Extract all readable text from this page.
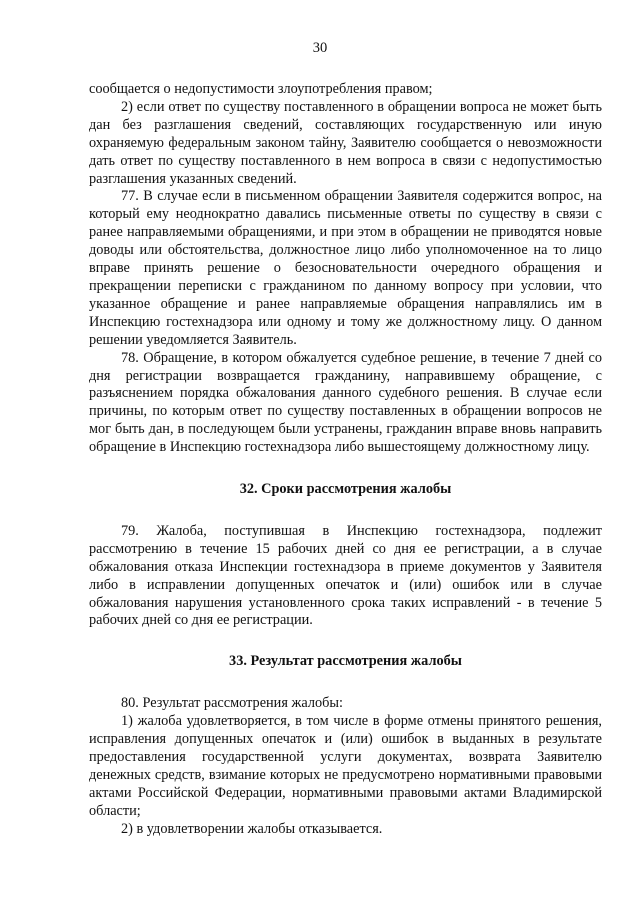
30

сообщается о недопустимости злоупотребления правом;

2) если ответ по существу поставленного в обращении вопроса не может быть дан без разглашения сведений, составляющих государственную или иную охраняемую федеральным законом тайну, Заявителю сообщается о невозможности дать ответ по существу поставленного в нем вопроса в связи с недопустимостью разглашения указанных сведений.

77. В случае если в письменном обращении Заявителя содержится вопрос, на который ему неоднократно давались письменные ответы по существу в связи с ранее направляемыми обращениями, и при этом в обращении не приводятся новые доводы или обстоятельства, должностное лицо либо уполномоченное на то лицо вправе принять решение о безосновательности очередного обращения и прекращении переписки с гражданином по данному вопросу при условии, что указанное обращение и ранее направляемые обращения направлялись им в Инспекцию гостехнадзора или одному и тому же должностному лицу. О данном решении уведомляется Заявитель.

78. Обращение, в котором обжалуется судебное решение, в течение 7 дней со дня регистрации возвращается гражданину, направившему обращение, с разъяснением порядка обжалования данного судебного решения. В случае если причины, по которым ответ по существу поставленных в обращении вопросов не мог быть дан, в последующем были устранены, гражданин вправе вновь направить обращение в Инспекцию гостехнадзора либо вышестоящему должностному лицу.

32. Сроки рассмотрения жалобы

79. Жалоба, поступившая в Инспекцию гостехнадзора, подлежит рассмотрению в течение 15 рабочих дней со дня ее регистрации, а в случае обжалования отказа Инспекции гостехнадзора в приеме документов у Заявителя либо в исправлении допущенных опечаток и (или) ошибок или в случае обжалования нарушения установленного срока таких исправлений - в течение 5 рабочих дней со дня ее регистрации.

33. Результат рассмотрения жалобы

80. Результат рассмотрения жалобы:

1) жалоба удовлетворяется, в том числе в форме отмены принятого решения, исправления допущенных опечаток и (или) ошибок в выданных в результате предоставления государственной услуги документах, возврата Заявителю денежных средств, взимание которых не предусмотрено нормативными правовыми актами Российской Федерации, нормативными правовыми актами Владимирской области;

2) в удовлетворении жалобы отказывается.
